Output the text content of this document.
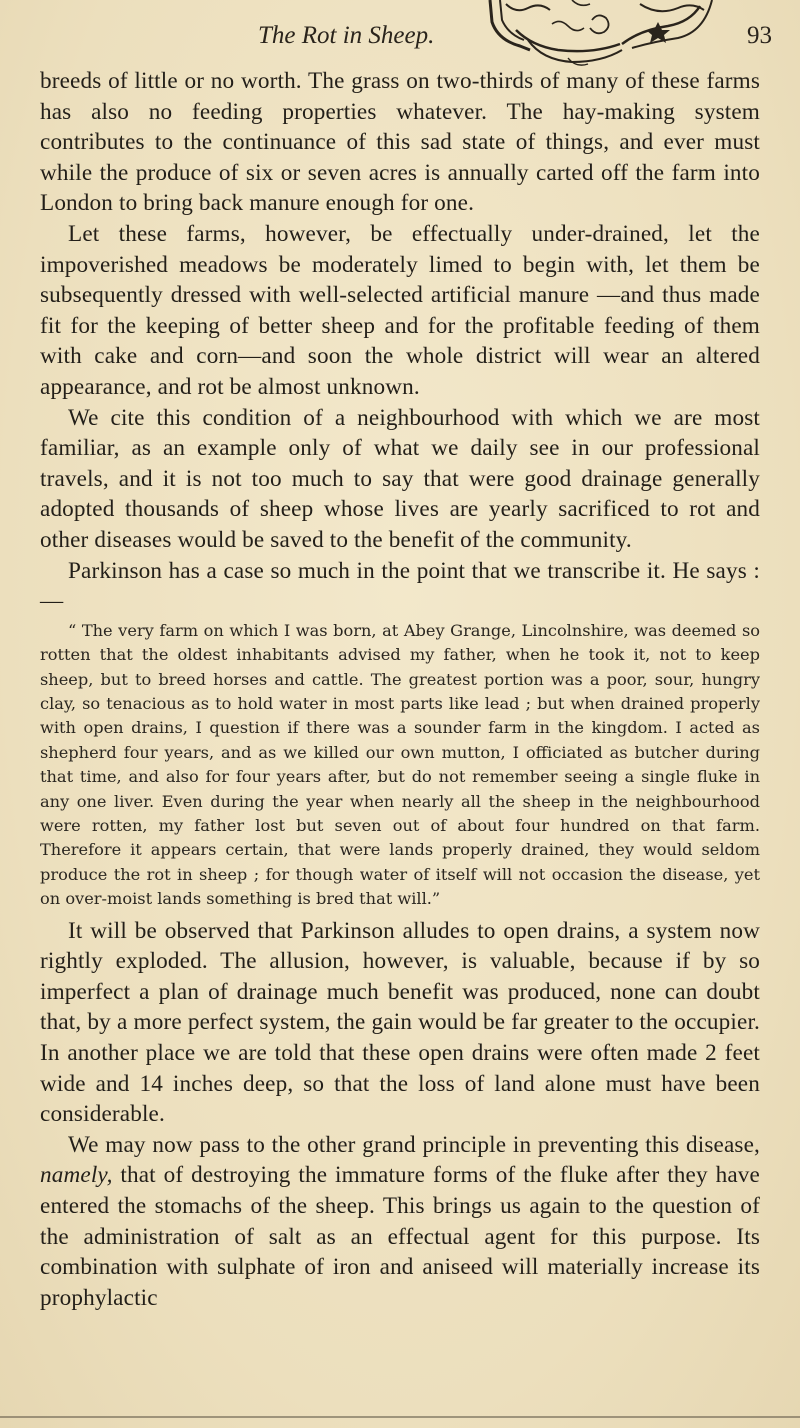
The Rot in Sheep.	93

breeds of little or no worth. The grass on two-thirds of many of these farms has also no feeding properties whatever. The hay-making system contributes to the continuance of this sad state of things, and ever must while the produce of six or seven acres is annually carted off the farm into London to bring back manure enough for one.

Let these farms, however, be effectually under-drained, let the impoverished meadows be moderately limed to begin with, let them be subsequently dressed with well-selected artificial manure —and thus made fit for the keeping of better sheep and for the profitable feeding of them with cake and corn—and soon the whole district will wear an altered appearance, and rot be almost unknown.

We cite this condition of a neighbourhood with which we are most familiar, as an example only of what we daily see in our professional travels, and it is not too much to say that were good drainage generally adopted thousands of sheep whose lives are yearly sacrificed to rot and other diseases would be saved to the benefit of the community.

Parkinson has a case so much in the point that we transcribe it. He says :—

“ The very farm on which I was born, at Abey Grange, Lincolnshire, was deemed so rotten that the oldest inhabitants advised my father, when he took it, not to keep sheep, but to breed horses and cattle. The greatest portion was a poor, sour, hungry clay, so tenacious as to hold water in most parts like lead ; but when drained properly with open drains, I question if there was a sounder farm in the kingdom. I acted as shepherd four years, and as we killed our own mutton, I officiated as butcher during that time, and also for four years after, but do not remember seeing a single fluke in any one liver. Even during the year when nearly all the sheep in the neighbourhood were rotten, my father lost but seven out of about four hundred on that farm. Therefore it appears certain, that were lands properly drained, they would seldom produce the rot in sheep ; for though water of itself will not occasion the disease, yet on over-moist lands something is bred that will.”

It will be observed that Parkinson alludes to open drains, a system now rightly exploded. The allusion, however, is valuable, because if by so imperfect a plan of drainage much benefit was produced, none can doubt that, by a more perfect system, the gain would be far greater to the occupier. In another place we are told that these open drains were often made 2 feet wide and 14 inches deep, so that the loss of land alone must have been considerable.

We may now pass to the other grand principle in preventing this disease, namely, that of destroying the immature forms of the fluke after they have entered the stomachs of the sheep. This brings us again to the question of the administration of salt as an effectual agent for this purpose. Its combination with sulphate of iron and aniseed will materially increase its prophylactic
